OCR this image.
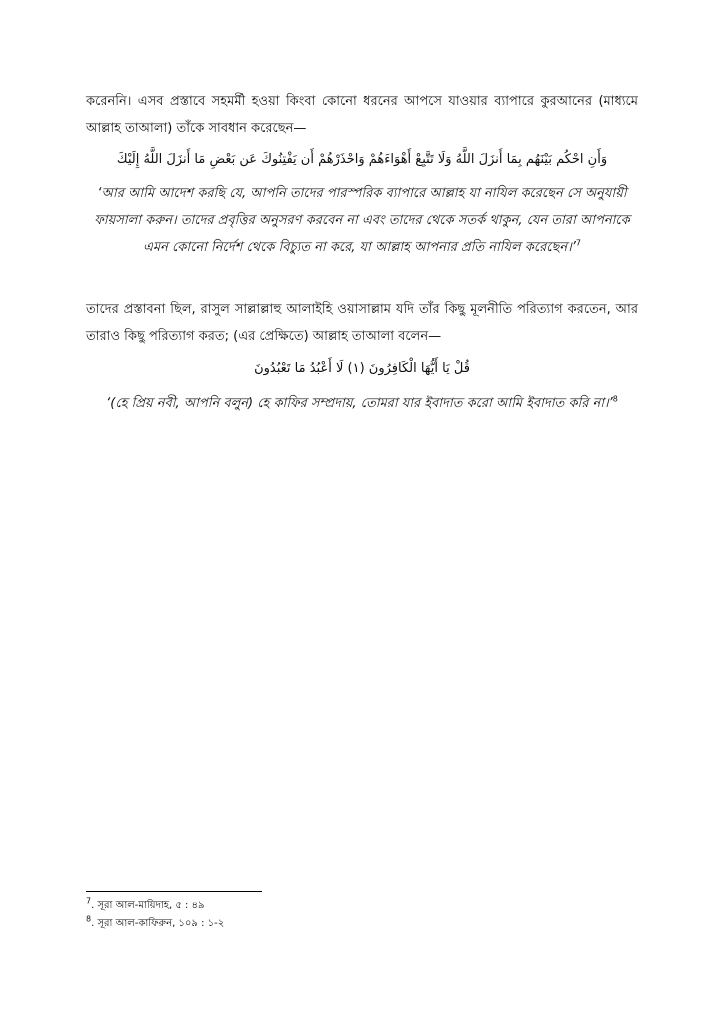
করেননি। এসব প্রস্তাবে সহমর্মী হওয়া কিংবা কোনো ধরনের আপসে যাওয়ার ব্যাপারে কুরআনের (মাধ্যমে আল্লাহ তাআলা) তাঁকে সাবধান করেছেন—

وَأَنِ احْكُم بَيْنَهُم بِمَا أَنزَلَ اللَّهُ وَلَا تَتَّبِعْ أَهْوَاءَهُمْ وَاحْذَرْهُمْ أَن يَفْتِنُوكَ عَن بَعْضِ مَا أَنزَلَ اللَّهُ إِلَيْكَ

‘আর আমি আদেশ করছি যে, আপনি তাদের পারস্পরিক ব্যাপারে আল্লাহ যা নাযিল করেছেন সে অনুযায়ী ফায়সালা করুন। তাদের প্রবৃত্তির অনুসরণ করবেন না এবং তাদের থেকে সতর্ক থাকুন, যেন তারা আপনাকে এমন কোনো নির্দেশ থেকে বিচ্যুত না করে, যা আল্লাহ আপনার প্রতি নাযিল করেছেন।’$^7$

তাদের প্রস্তাবনা ছিল, রাসুল সাল্লাল্লাহু আলাইহি ওয়াসাল্লাম যদি তাঁর কিছু মূলনীতি পরিত্যাগ করতেন, আর তারাও কিছু পরিত্যাগ করত; (এর প্রেক্ষিতে) আল্লাহ তাআলা বলেন—

قُلْ يَا أَيُّهَا الْكَافِرُونَ (١) لَا أَعْبُدُ مَا تَعْبُدُونَ

‘(হে প্রিয় নবী, আপনি বলুন) হে কাফির সম্প্রদায়, তোমরা যার ইবাদাত করো আমি ইবাদাত করি না।’$^8$

$^7$. সূরা আল-মায়িদাহ, ৫ : ৪৯

$^8$. সূরা আল-কাফিরুন, ১০৯ : ১-২
